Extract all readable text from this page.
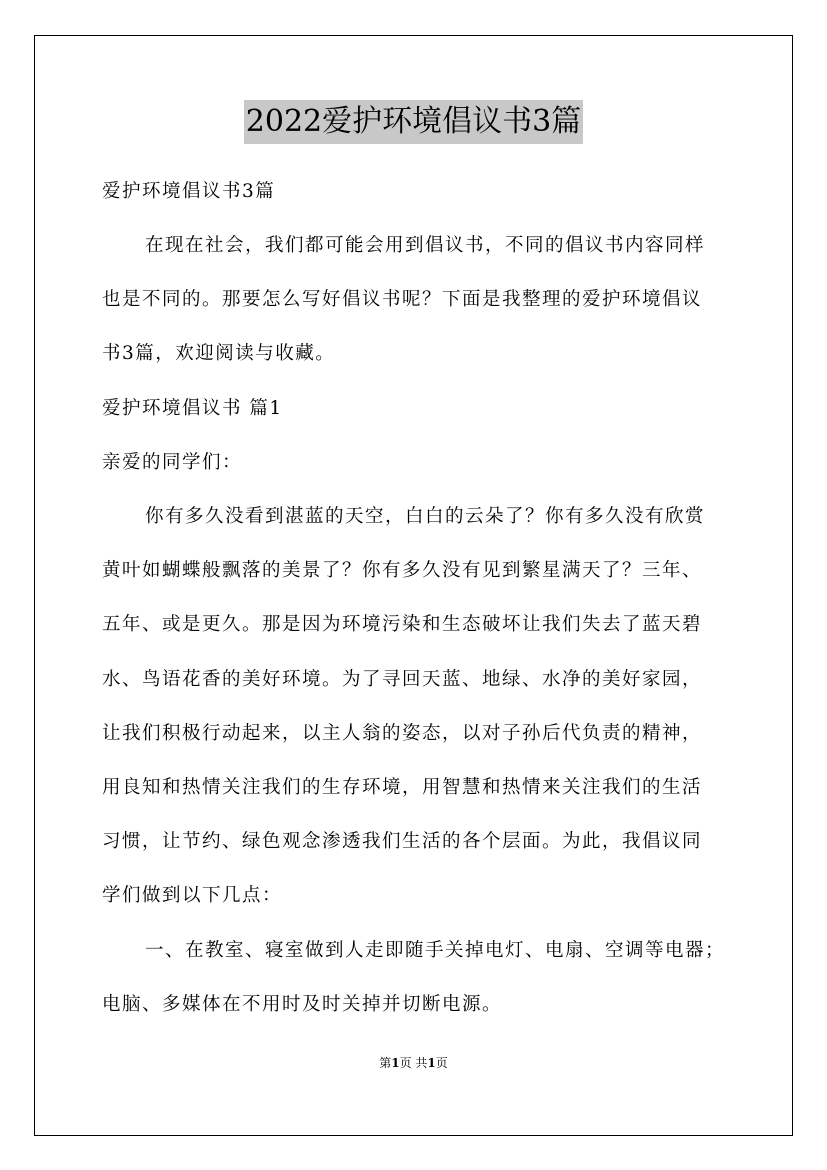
2022爱护环境倡议书3篇
爱护环境倡议书3篇
在现在社会，我们都可能会用到倡议书，不同的倡议书内容同样
也是不同的。那要怎么写好倡议书呢？下面是我整理的爱护环境倡议
书3篇，欢迎阅读与收藏。
爱护环境倡议书 篇1
亲爱的同学们：
你有多久没看到湛蓝的天空，白白的云朵了？你有多久没有欣赏
黄叶如蝴蝶般飘落的美景了？你有多久没有见到繁星满天了？三年、
五年、或是更久。那是因为环境污染和生态破坏让我们失去了蓝天碧
水、鸟语花香的美好环境。为了寻回天蓝、地绿、水净的美好家园，
让我们积极行动起来，以主人翁的姿态，以对子孙后代负责的精神，
用良知和热情关注我们的生存环境，用智慧和热情来关注我们的生活
习惯，让节约、绿色观念渗透我们生活的各个层面。为此，我倡议同
学们做到以下几点：
一、在教室、寝室做到人走即随手关掉电灯、电扇、空调等电器；
电脑、多媒体在不用时及时关掉并切断电源。
第1页 共1页
